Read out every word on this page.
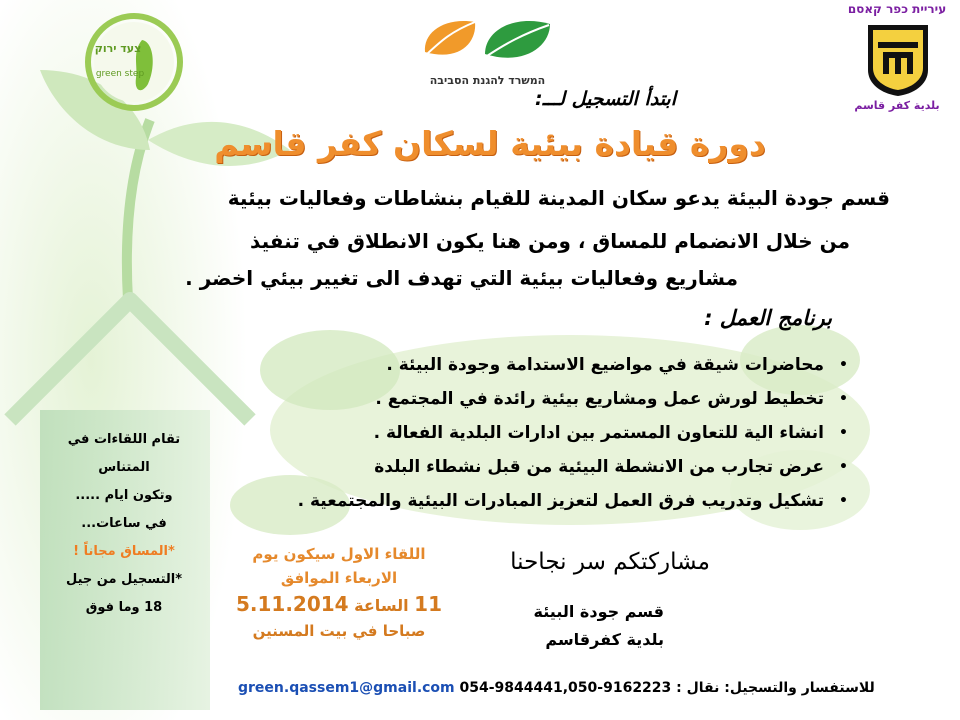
צעד ירוק
green step	המשרד להגנת הסביבה
עיריית כפר קאסם
بلدية كفر قاسم
ابتدأ التسجيل لـــ:
دورة قيادة بيئية لسكان كفر قاسم
قسم جودة البيئة يدعو سكان المدينة للقيام بنشاطات وفعاليات بيئية
من خلال الانضمام للمساق ، ومن هنا يكون الانطلاق في تنفيذ
مشاريع وفعاليات بيئية التي تهدف الى تغيير بيئي اخضر .
برنامج العمل :
•
محاضرات شيقة في مواضيع الاستدامة وجودة البيئة .
•
تخطيط لورش عمل ومشاريع بيئية رائدة في المجتمع .
•
انشاء الية للتعاون المستمر بين ادارات البلدية الفعالة .
•
عرض تجارب من الانشطة البيئية من قبل نشطاء البلدة
•
تشكيل وتدريب فرق العمل لتعزيز المبادرات البيئية والمجتمعية .
مشاركتكم سر نجاحنا
قسم جودة البيئة
بلدية كفرقاسم
اللقاء الاول سيكون يوم
الاربعاء الموافق
11 الساعة 5.11.2014
صباحا في بيت المسنين
تقام اللقاءات في
المتناس
وتكون ايام .....
في ساعات...
*المساق مجاناً !
*التسجيل من جيل
18 وما فوق
green.qassem1@gmail.com 054-9844441,050-9162223 للاستفسار والتسجيل: نقال :
